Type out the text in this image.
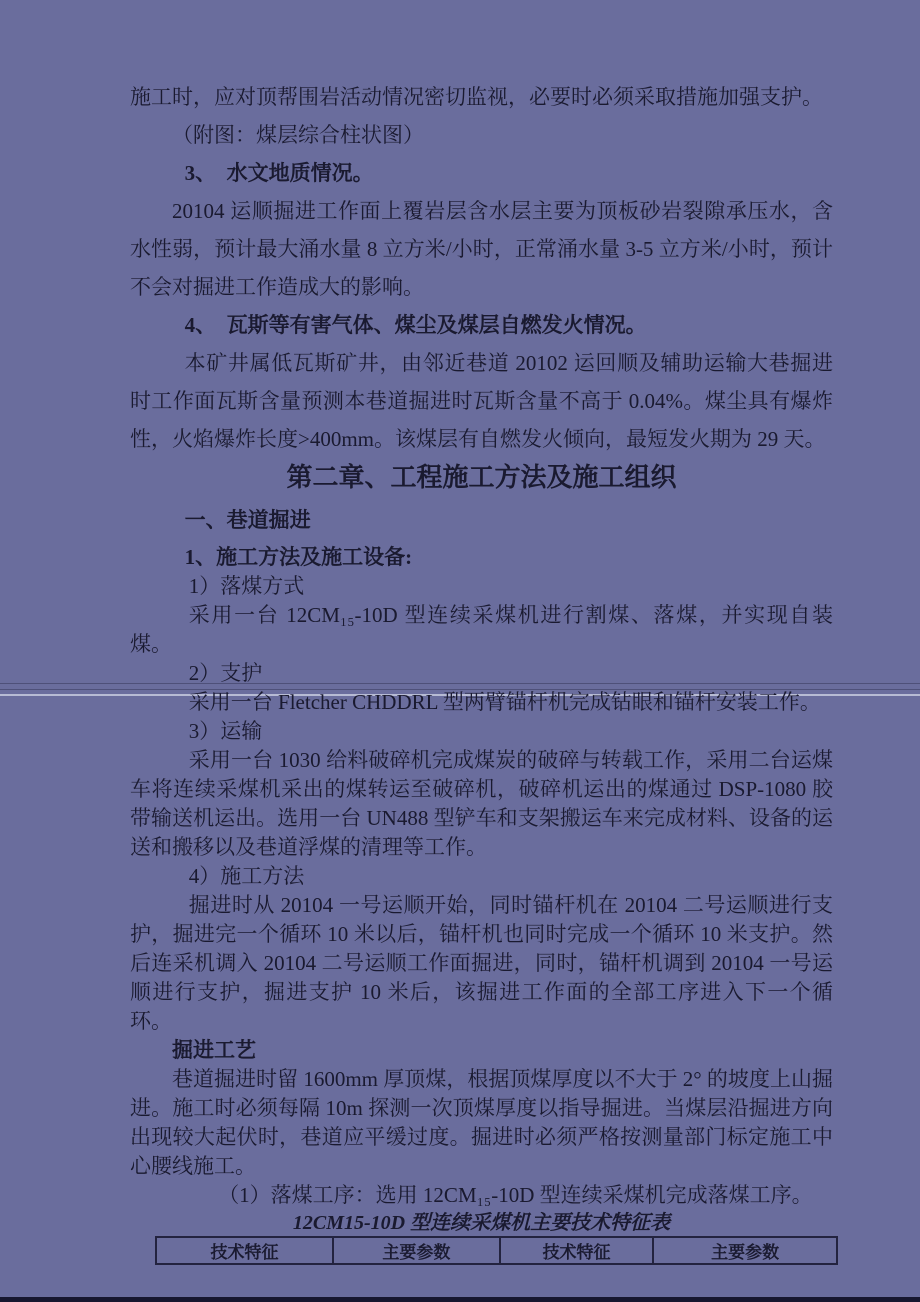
施工时，应对顶帮围岩活动情况密切监视，必要时必须采取措施加强支护。

（附图：煤层综合柱状图）

3、　水文地质情况。

20104 运顺掘进工作面上覆岩层含水层主要为顶板砂岩裂隙承压水，含水性弱，预计最大涌水量 8 立方米/小时，正常涌水量 3-5 立方米/小时，预计不会对掘进工作造成大的影响。

4、　瓦斯等有害气体、煤尘及煤层自燃发火情况。

本矿井属低瓦斯矿井，由邻近巷道 20102 运回顺及辅助运输大巷掘进时工作面瓦斯含量预测本巷道掘进时瓦斯含量不高于 0.04%。煤尘具有爆炸性，火焰爆炸长度>400mm。该煤层有自燃发火倾向，最短发火期为 29 天。

第二章、工程施工方法及施工组织

一、巷道掘进

1、施工方法及施工设备:

1）落煤方式

采用一台 12CM₁₅-10D 型连续采煤机进行割煤、落煤，并实现自装煤。

2）支护

采用一台 Fletcher CHDDRL 型两臂锚杆机完成钻眼和锚杆安装工作。

3）运输

采用一台 1030 给料破碎机完成煤炭的破碎与转载工作，采用二台运煤车将连续采煤机采出的煤转运至破碎机，破碎机运出的煤通过 DSP-1080 胶带输送机运出。选用一台 UN488 型铲车和支架搬运车来完成材料、设备的运送和搬移以及巷道浮煤的清理等工作。

4）施工方法

掘进时从 20104 一号运顺开始，同时锚杆机在 20104 二号运顺进行支护，掘进完一个循环 10 米以后，锚杆机也同时完成一个循环 10 米支护。然后连采机调入 20104 二号运顺工作面掘进，同时，锚杆机调到 20104 一号运顺进行支护，掘进支护 10 米后，该掘进工作面的全部工序进入下一个循环。

掘进工艺

巷道掘进时留 1600mm 厚顶煤，根据顶煤厚度以不大于 2° 的坡度上山掘进。施工时必须每隔 10m 探测一次顶煤厚度以指导掘进。当煤层沿掘进方向出现较大起伏时，巷道应平缓过度。掘进时必须严格按测量部门标定施工中心腰线施工。

（1）落煤工序：选用 12CM₁₅-10D 型连续采煤机完成落煤工序。

12CM15-10D 型连续采煤机主要技术特征表

技术特征	主要参数	技术特征	主要参数
